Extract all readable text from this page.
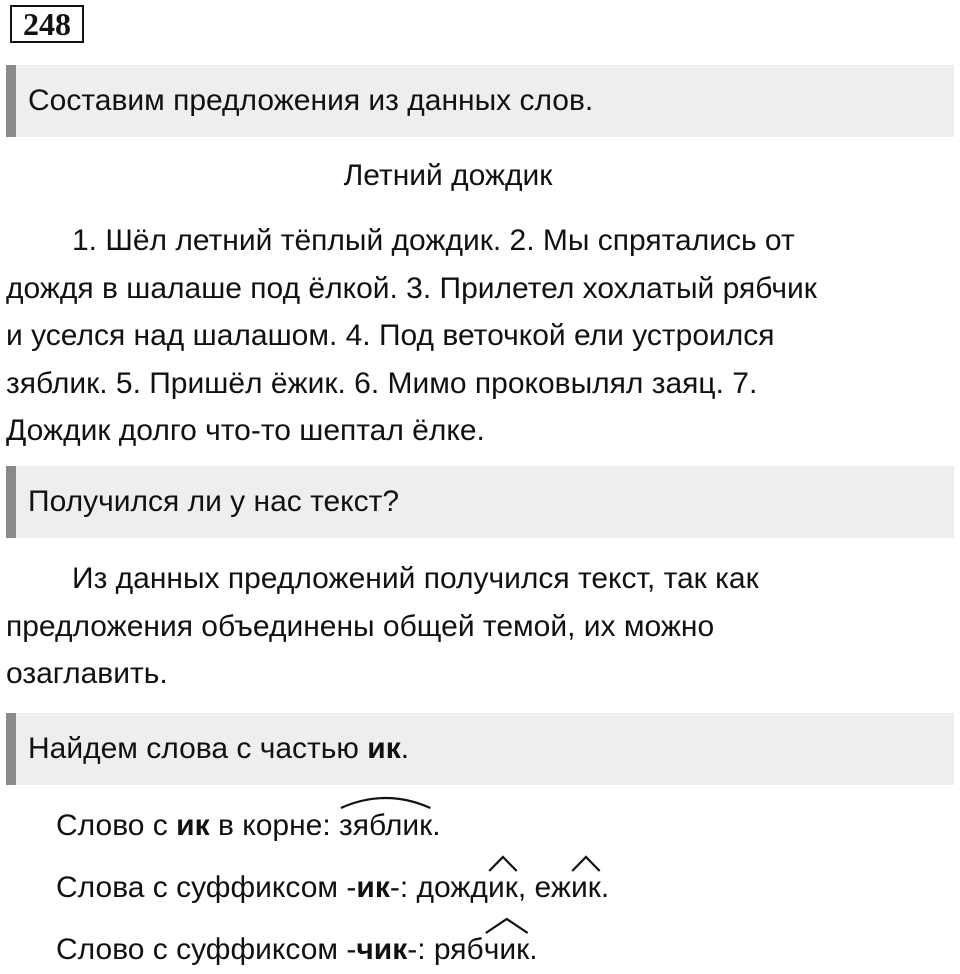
248
Составим предложения из данных слов.
Летний дождик
1. Шёл летний тёплый дождик. 2. Мы спрятались от
дождя в шалаше под ёлкой. 3. Прилетел хохлатый рябчик
и уселся над шалашом. 4. Под веточкой ели устроился
зяблик. 5. Пришёл ёжик. 6. Мимо проковылял заяц. 7.
Дождик долго что-то шептал ёлке.
Получился ли у нас текст?
Из данных предложений получился текст, так как
предложения объединены общей темой, их можно
озаглавить.
Найдем слова с частью ик.
Слово с ик в корне:
зяблик.
Слова с суффиксом -ик-: дожд
ик, еж
ик.
Слово с суффиксом -чик-: ряб
чик.
